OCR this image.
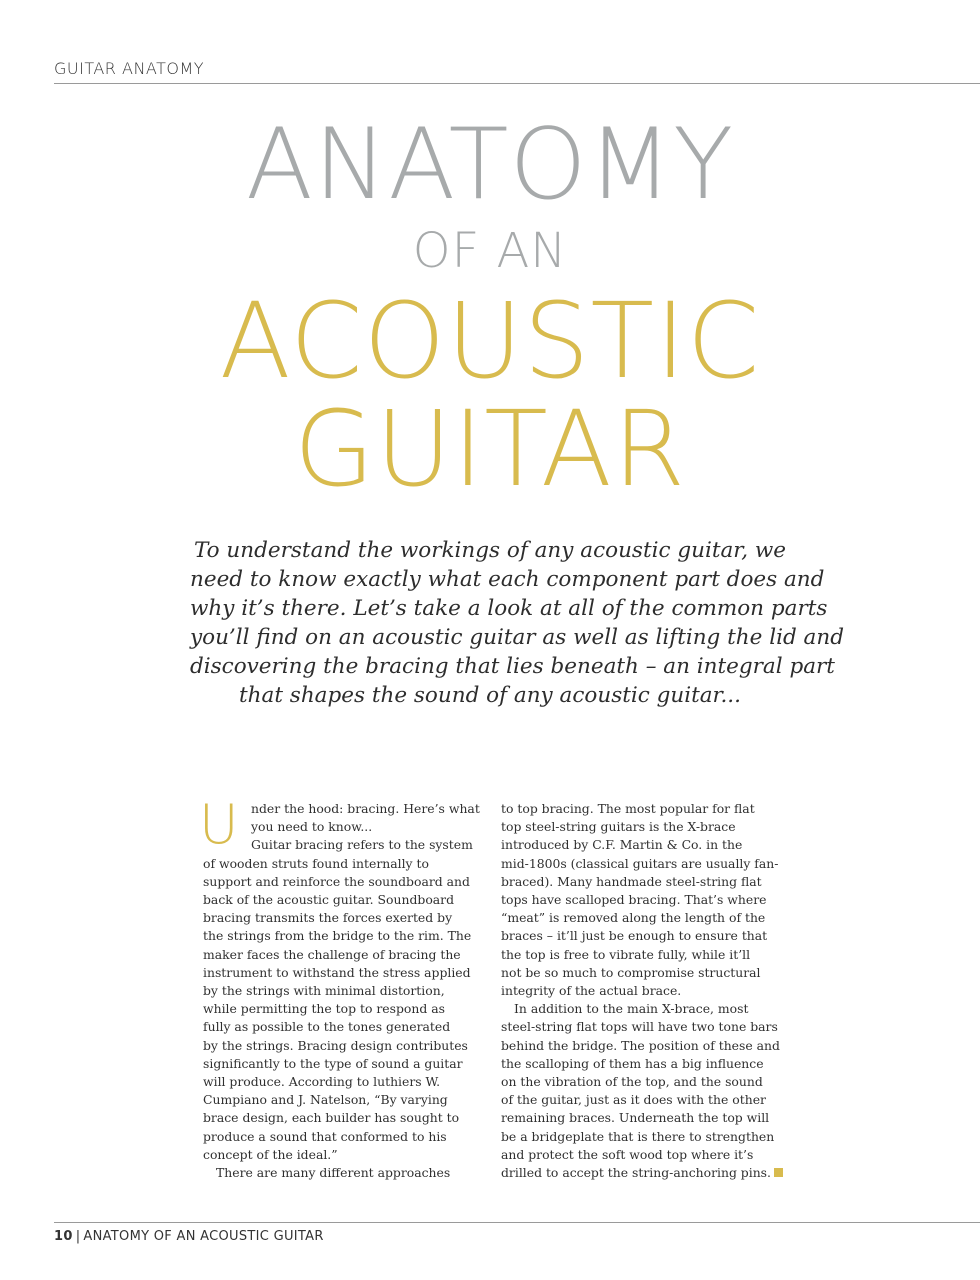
GUITAR ANATOMY
ANATOMY
OF AN
ACOUSTIC
GUITAR
To understand the workings of any acoustic guitar, we
need to know exactly what each component part does and
why it’s there. Let’s take a look at all of the common parts
you’ll find on an acoustic guitar as well as lifting the lid and
discovering the bracing that lies beneath – an integral part
that shapes the sound of any acoustic guitar...
U	nder the hood: bracing. Here’s what
you need to know...
Guitar bracing refers to the system
of wooden struts found internally to
support and reinforce the soundboard and
back of the acoustic guitar. Soundboard
bracing transmits the forces exerted by
the strings from the bridge to the rim. The
maker faces the challenge of bracing the
instrument to withstand the stress applied
by the strings with minimal distortion,
while permitting the top to respond as
fully as possible to the tones generated
by the strings. Bracing design contributes
significantly to the type of sound a guitar
will produce. According to luthiers W.
Cumpiano and J. Natelson, “By varying
brace design, each builder has sought to
produce a sound that conformed to his
concept of the ideal.”
There are many different approaches
to top bracing. The most popular for flat
top steel-string guitars is the X-brace
introduced by C.F. Martin & Co. in the
mid-1800s (classical guitars are usually fan-
braced). Many handmade steel-string flat
tops have scalloped bracing. That’s where
“meat” is removed along the length of the
braces – it’ll just be enough to ensure that
the top is free to vibrate fully, while it’ll
not be so much to compromise structural
integrity of the actual brace.
In addition to the main X-brace, most
steel-string flat tops will have two tone bars
behind the bridge. The position of these and
the scalloping of them has a big influence
on the vibration of the top, and the sound
of the guitar, just as it does with the other
remaining braces. Underneath the top will
be a bridgeplate that is there to strengthen
and protect the soft wood top where it’s
drilled to accept the string-anchoring pins.
10 | ANATOMY OF AN ACOUSTIC GUITAR
